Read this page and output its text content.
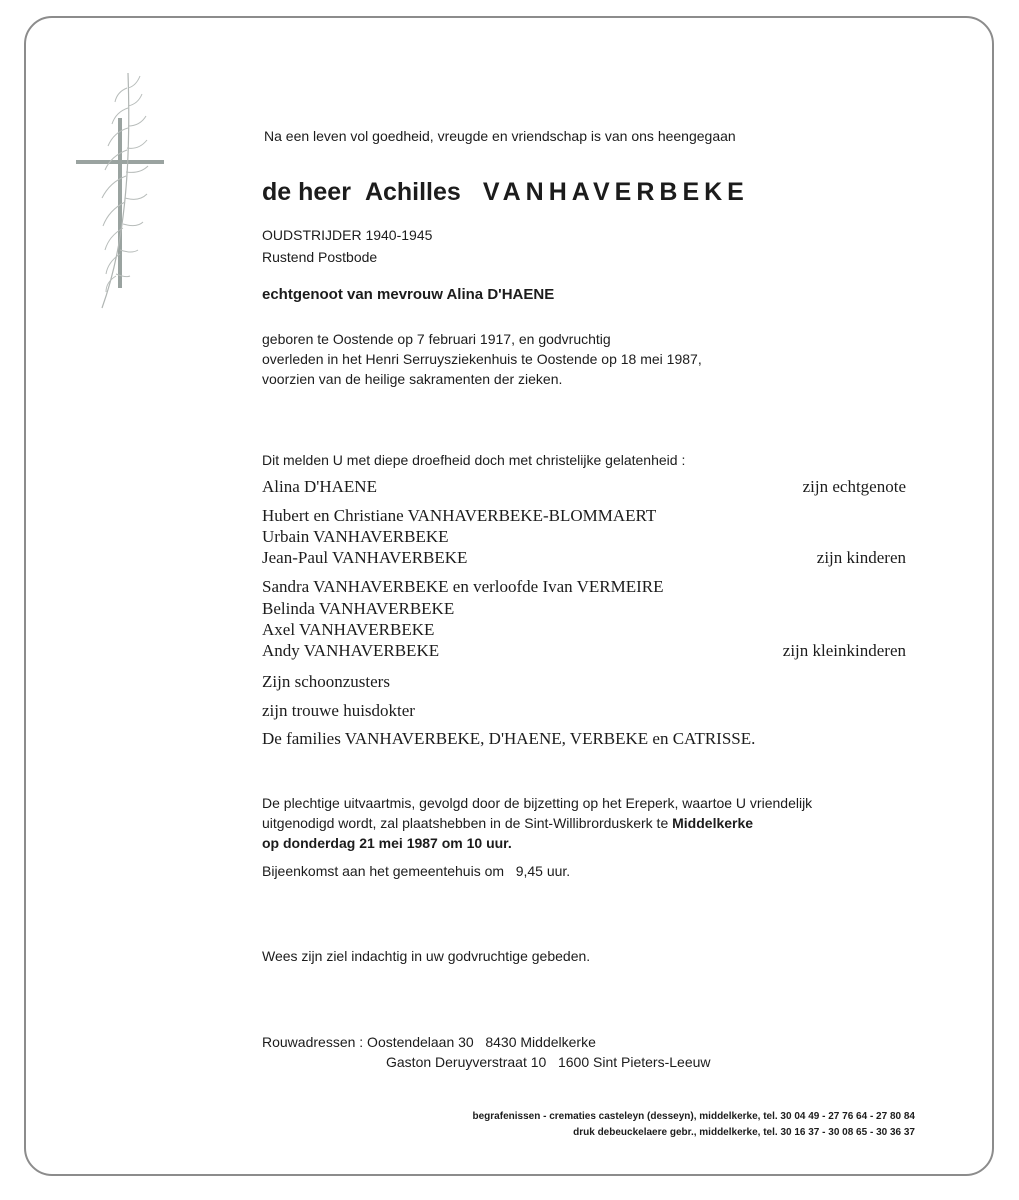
Na een leven vol goedheid, vreugde en vriendschap is van ons heengegaan
de heer Achilles VANHAVERBEKE
OUDSTRIJDER 1940-1945
Rustend Postbode
echtgenoot van mevrouw Alina D'HAENE
geboren te Oostende op 7 februari 1917, en godvruchtig
overleden in het Henri Serruysziekenhuis te Oostende op 18 mei 1987,
voorzien van de heilige sakramenten der zieken.
Dit melden U met diepe droefheid doch met christelijke gelatenheid :
Alina D'HAENE	zijn echtgenote
Hubert en Christiane VANHAVERBEKE-BLOMMAERT
Urbain VANHAVERBEKE
Jean-Paul VANHAVERBEKE	zijn kinderen
Sandra VANHAVERBEKE en verloofde Ivan VERMEIRE
Belinda VANHAVERBEKE
Axel VANHAVERBEKE
Andy VANHAVERBEKE	zijn kleinkinderen
Zijn schoonzusters
zijn trouwe huisdokter
De families VANHAVERBEKE, D'HAENE, VERBEKE en CATRISSE.
De plechtige uitvaartmis, gevolgd door de bijzetting op het Ereperk, waartoe U vriendelijk
uitgenodigd wordt, zal plaatshebben in de Sint-Willibrorduskerk te Middelkerke
op donderdag 21 mei 1987 om 10 uur.
Bijeenkomst aan het gemeentehuis om   9,45 uur.
Wees zijn ziel indachtig in uw godvruchtige gebeden.
Rouwadressen : Oostendelaan 30   8430 Middelkerke
Gaston Deruyverstraat 10   1600 Sint Pieters-Leeuw
begrafenissen - crematies casteleyn (desseyn), middelkerke, tel. 30 04 49 - 27 76 64 - 27 80 84
druk debeuckelaere gebr., middelkerke, tel. 30 16 37 - 30 08 65 - 30 36 37
